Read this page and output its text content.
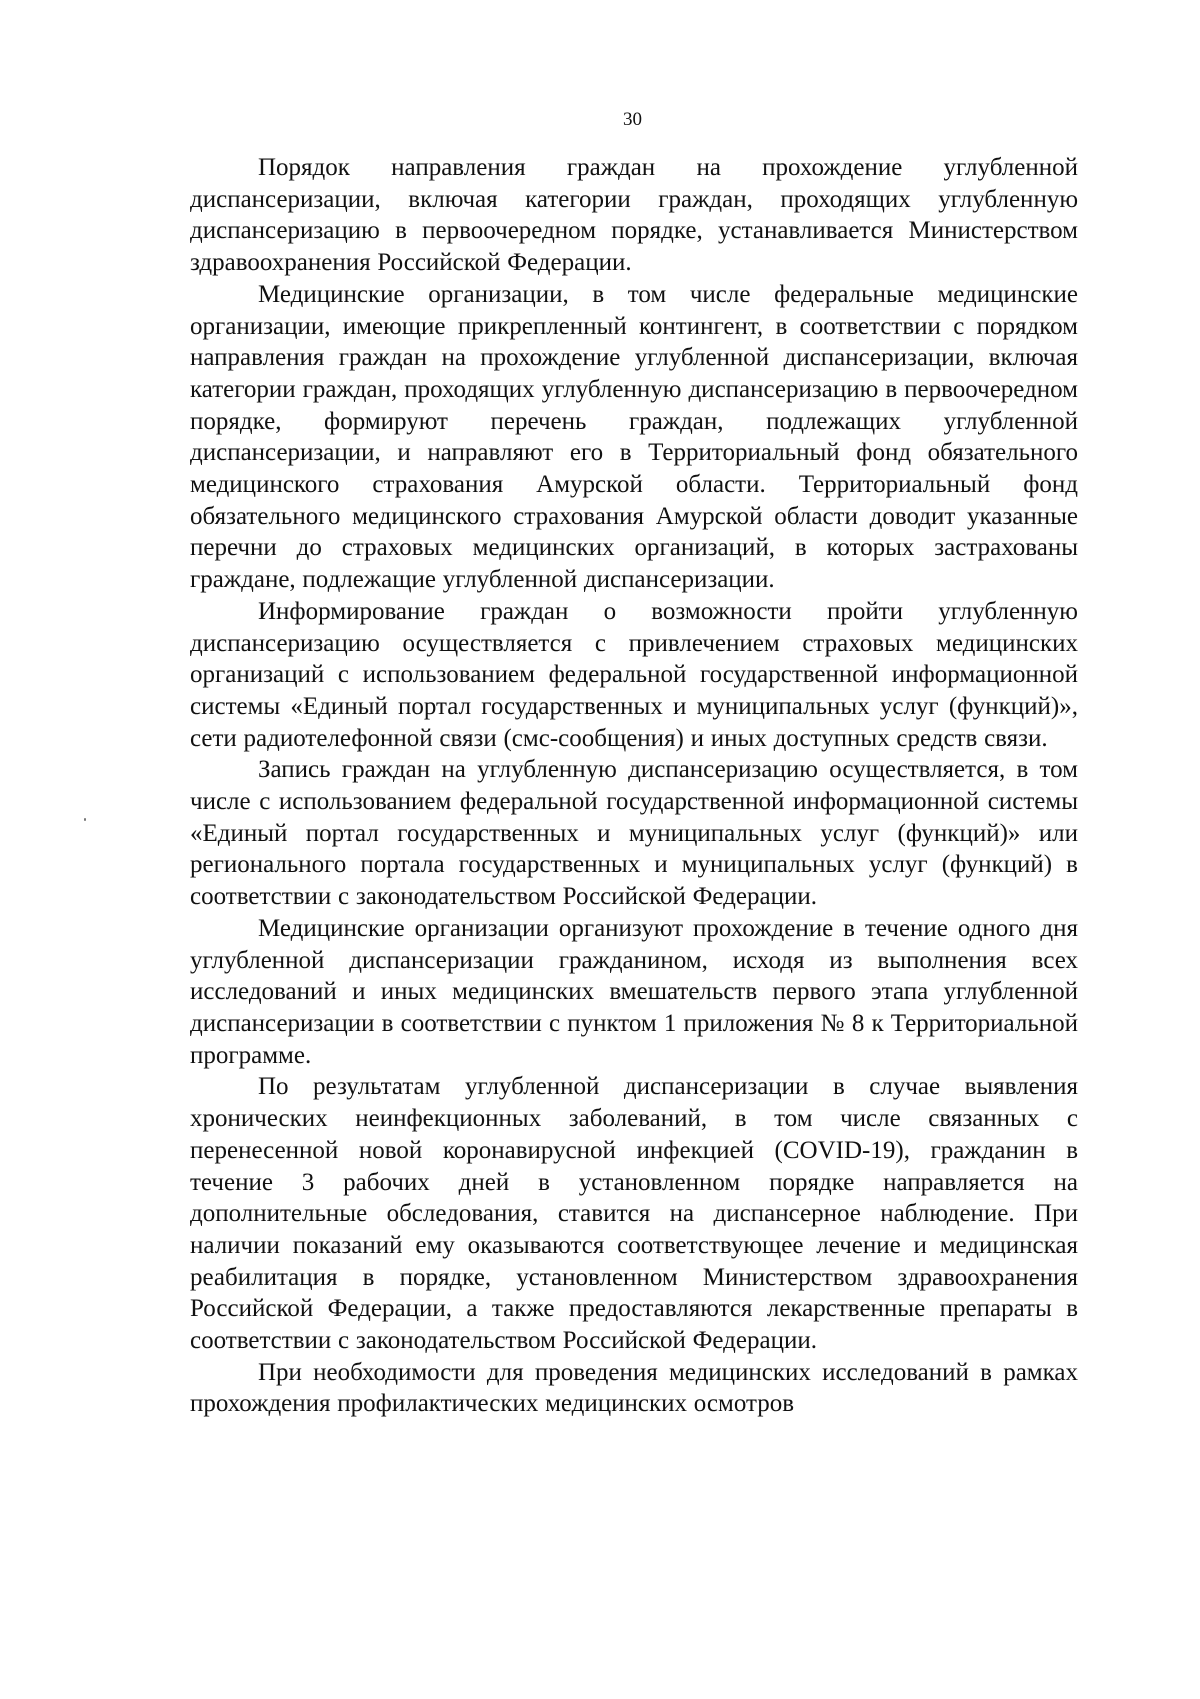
30

Порядок направления граждан на прохождение углубленной диспансеризации, включая категории граждан, проходящих углубленную диспансеризацию в первоочередном порядке, устанавливается Министерством здравоохранения Российской Федерации.

Медицинские организации, в том числе федеральные медицинские организации, имеющие прикрепленный контингент, в соответствии с порядком направления граждан на прохождение углубленной диспансеризации, включая категории граждан, проходящих углубленную диспансеризацию в первоочередном порядке, формируют перечень граждан, подлежащих углубленной диспансеризации, и направляют его в Территориальный фонд обязательного медицинского страхования Амурской области. Территориальный фонд обязательного медицинского страхования Амурской области доводит указанные перечни до страховых медицинских организаций, в которых застрахованы граждане, подлежащие углубленной диспансеризации.

Информирование граждан о возможности пройти углубленную диспансеризацию осуществляется с привлечением страховых медицинских организаций с использованием федеральной государственной информационной системы «Единый портал государственных и муниципальных услуг (функций)», сети радиотелефонной связи (смс-сообщения) и иных доступных средств связи.

Запись граждан на углубленную диспансеризацию осуществляется, в том числе с использованием федеральной государственной информационной системы «Единый портал государственных и муниципальных услуг (функций)» или регионального портала государственных и муниципальных услуг (функций) в соответствии с законодательством Российской Федерации.

Медицинские организации организуют прохождение в течение одного дня углубленной диспансеризации гражданином, исходя из выполнения всех исследований и иных медицинских вмешательств первого этапа углубленной диспансеризации в соответствии с пунктом 1 приложения № 8 к Территориальной программе.

По результатам углубленной диспансеризации в случае выявления хронических неинфекционных заболеваний, в том числе связанных с перенесенной новой коронавирусной инфекцией (COVID-19), гражданин в течение 3 рабочих дней в установленном порядке направляется на дополнительные обследования, ставится на диспансерное наблюдение. При наличии показаний ему оказываются соответствующее лечение и медицинская реабилитация в порядке, установленном Министерством здравоохранения Российской Федерации, а также предоставляются лекарственные препараты в соответствии с законодательством Российской Федерации.

При необходимости для проведения медицинских исследований в рамках прохождения профилактических медицинских осмотров
